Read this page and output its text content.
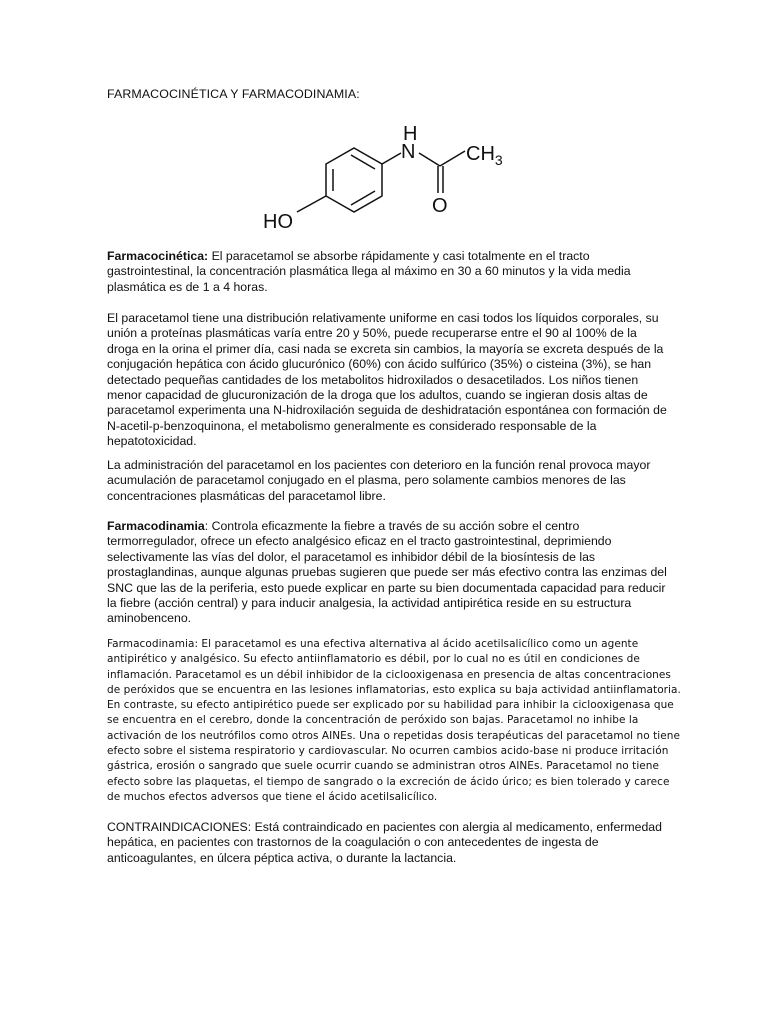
FARMACOCINÉTICA Y FARMACODINAMIA:
H
N	$CH_3$
O
HO

Farmacocinética: El paracetamol se absorbe rápidamente y casi totalmente en el tracto gastrointestinal, la concentración plasmática llega al máximo en 30 a 60 minutos y la vida media plasmática es de 1 a 4 horas.

El paracetamol tiene una distribución relativamente uniforme en casi todos los líquidos corporales, su unión a proteínas plasmáticas varía entre 20 y 50%, puede recuperarse entre el 90 al 100% de la droga en la orina el primer día, casi nada se excreta sin cambios, la mayoría se excreta después de la conjugación hepática con ácido glucurónico (60%) con ácido sulfúrico (35%) o cisteina (3%), se han detectado pequeñas cantidades de los metabolitos hidroxilados o desacetilados. Los niños tienen menor capacidad de glucuronización de la droga que los adultos, cuando se ingieran dosis altas de paracetamol experimenta una N-hidroxilación seguida de deshidratación espontánea con formación de N-acetil-p-benzoquinona, el metabolismo generalmente es considerado responsable de la hepatotoxicidad.

La administración del paracetamol en los pacientes con deterioro en la función renal provoca mayor acumulación de paracetamol conjugado en el plasma, pero solamente cambios menores de las concentraciones plasmáticas del paracetamol libre.

Farmacodinamia: Controla eficazmente la fiebre a través de su acción sobre el centro termorregulador, ofrece un efecto analgésico eficaz en el tracto gastrointestinal, deprimiendo selectivamente las vías del dolor, el paracetamol es inhibidor débil de la biosíntesis de las prostaglandinas, aunque algunas pruebas sugieren que puede ser más efectivo contra las enzimas del SNC que las de la periferia, esto puede explicar en parte su bien documentada capacidad para reducir la fiebre (acción central) y para inducir analgesia, la actividad antipirética reside en su estructura aminobenceno.

Farmacodinamia: El paracetamol es una efectiva alternativa al ácido acetilsalicílico como un agente antipirético y analgésico. Su efecto antiinflamatorio es débil, por lo cual no es útil en condiciones de inflamación. Paracetamol es un débil inhibidor de la ciclooxigenasa en presencia de altas concentraciones de peróxidos que se encuentra en las lesiones inflamatorias, esto explica su baja actividad antiinflamatoria. En contraste, su efecto antipirético puede ser explicado por su habilidad para inhibir la ciclooxigenasa que se encuentra en el cerebro, donde la concentración de peróxido son bajas. Paracetamol no inhibe la activación de los neutrófilos como otros AINEs. Una o repetidas dosis terapéuticas del paracetamol no tiene efecto sobre el sistema respiratorio y cardiovascular. No ocurren cambios acido-base ni produce irritación gástrica, erosión o sangrado que suele ocurrir cuando se administran otros AINEs. Paracetamol no tiene efecto sobre las plaquetas, el tiempo de sangrado o la excreción de ácido úrico; es bien tolerado y carece de muchos efectos adversos que tiene el ácido acetilsalicílico.

CONTRAINDICACIONES: Está contraindicado en pacientes con alergia al medicamento, enfermedad hepática, en pacientes con trastornos de la coagulación o con antecedentes de ingesta de anticoagulantes, en úlcera péptica activa, o durante la lactancia.
